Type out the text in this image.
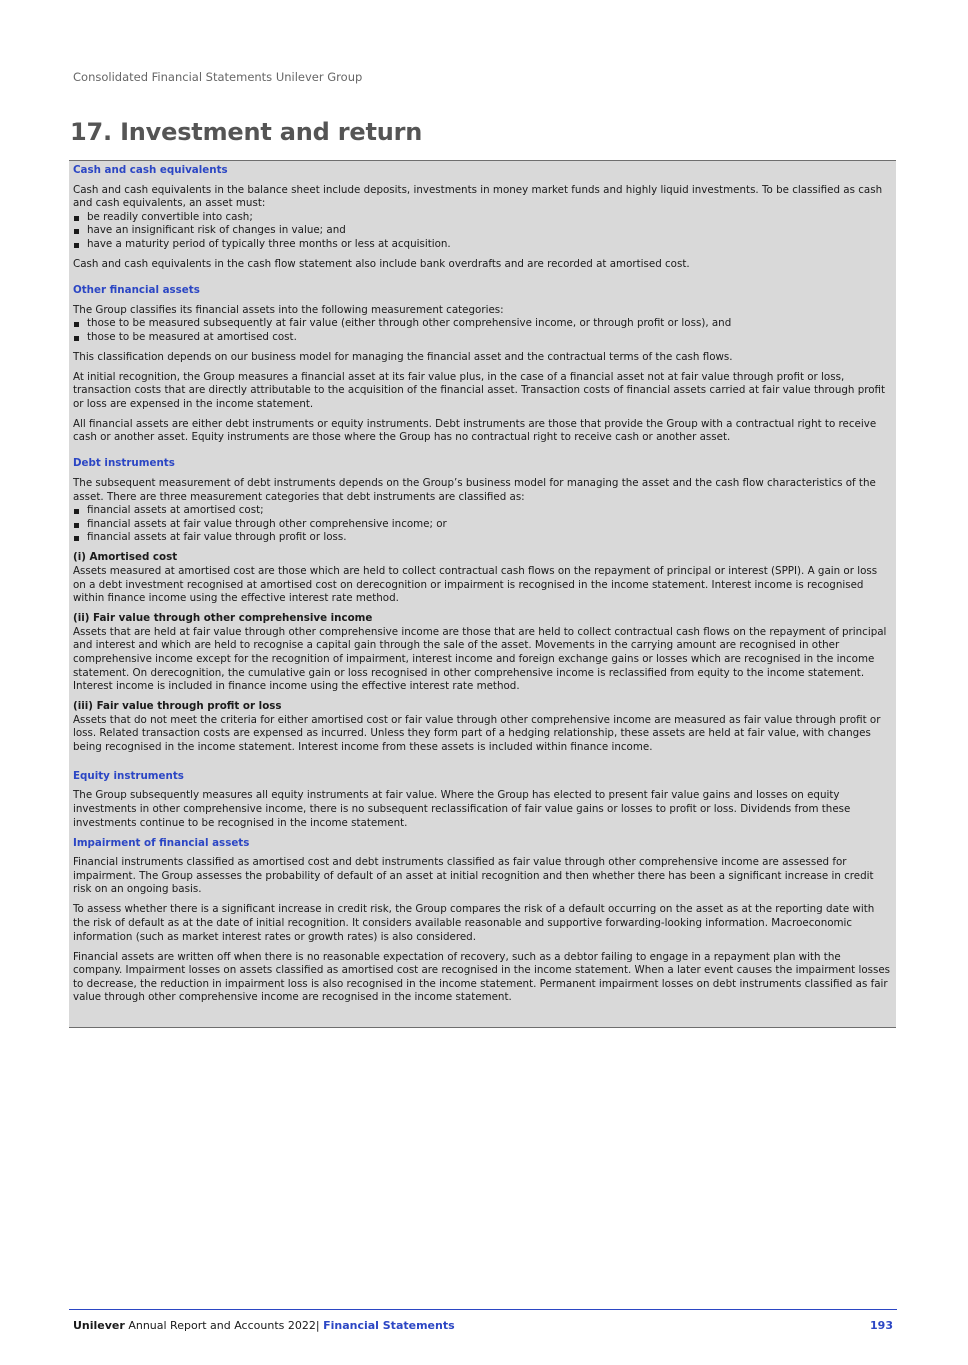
Consolidated Financial Statements Unilever Group
17. Investment and return
Cash and cash equivalents

Cash and cash equivalents in the balance sheet include deposits, investments in money market funds and highly liquid investments. To be classified as cash and cash equivalents, an asset must:

be readily convertible into cash;
have an insignificant risk of changes in value; and
have a maturity period of typically three months or less at acquisition.

Cash and cash equivalents in the cash flow statement also include bank overdrafts and are recorded at amortised cost.

Other financial assets

The Group classifies its financial assets into the following measurement categories:

those to be measured subsequently at fair value (either through other comprehensive income, or through profit or loss), and
those to be measured at amortised cost.

This classification depends on our business model for managing the financial asset and the contractual terms of the cash flows.

At initial recognition, the Group measures a financial asset at its fair value plus, in the case of a financial asset not at fair value through profit or loss, transaction costs that are directly attributable to the acquisition of the financial asset. Transaction costs of financial assets carried at fair value through profit or loss are expensed in the income statement.

All financial assets are either debt instruments or equity instruments. Debt instruments are those that provide the Group with a contractual right to receive cash or another asset. Equity instruments are those where the Group has no contractual right to receive cash or another asset.

Debt instruments

The subsequent measurement of debt instruments depends on the Group’s business model for managing the asset and the cash flow characteristics of the asset. There are three measurement categories that debt instruments are classified as:

financial assets at amortised cost;
financial assets at fair value through other comprehensive income; or
financial assets at fair value through profit or loss.
(i) Amortised cost

Assets measured at amortised cost are those which are held to collect contractual cash flows on the repayment of principal or interest (SPPI). A gain or loss on a debt investment recognised at amortised cost on derecognition or impairment is recognised in the income statement. Interest income is recognised within finance income using the effective interest rate method.

(ii) Fair value through other comprehensive income

Assets that are held at fair value through other comprehensive income are those that are held to collect contractual cash flows on the repayment of principal and interest and which are held to recognise a capital gain through the sale of the asset. Movements in the carrying amount are recognised in other comprehensive income except for the recognition of impairment, interest income and foreign exchange gains or losses which are recognised in the income statement. On derecognition, the cumulative gain or loss recognised in other comprehensive income is reclassified from equity to the income statement. Interest income is included in finance income using the effective interest rate method.

(iii) Fair value through profit or loss

Assets that do not meet the criteria for either amortised cost or fair value through other comprehensive income are measured as fair value through profit or loss. Related transaction costs are expensed as incurred. Unless they form part of a hedging relationship, these assets are held at fair value, with changes being recognised in the income statement. Interest income from these assets is included within finance income.

Equity instruments

The Group subsequently measures all equity instruments at fair value. Where the Group has elected to present fair value gains and losses on equity investments in other comprehensive income, there is no subsequent reclassification of fair value gains or losses to profit or loss. Dividends from these investments continue to be recognised in the income statement.

Impairment of financial assets

Financial instruments classified as amortised cost and debt instruments classified as fair value through other comprehensive income are assessed for impairment. The Group assesses the probability of default of an asset at initial recognition and then whether there has been a significant increase in credit risk on an ongoing basis.

To assess whether there is a significant increase in credit risk, the Group compares the risk of a default occurring on the asset as at the reporting date with the risk of default as at the date of initial recognition. It considers available reasonable and supportive forwarding-looking information. Macroeconomic information (such as market interest rates or growth rates) is also considered.

Financial assets are written off when there is no reasonable expectation of recovery, such as a debtor failing to engage in a repayment plan with the company. Impairment losses on assets classified as amortised cost are recognised in the income statement. When a later event causes the impairment losses to decrease, the reduction in impairment loss is also recognised in the income statement. Permanent impairment losses on debt instruments classified as fair value through other comprehensive income are recognised in the income statement.

Unilever Annual Report and Accounts 2022| Financial Statements	193
